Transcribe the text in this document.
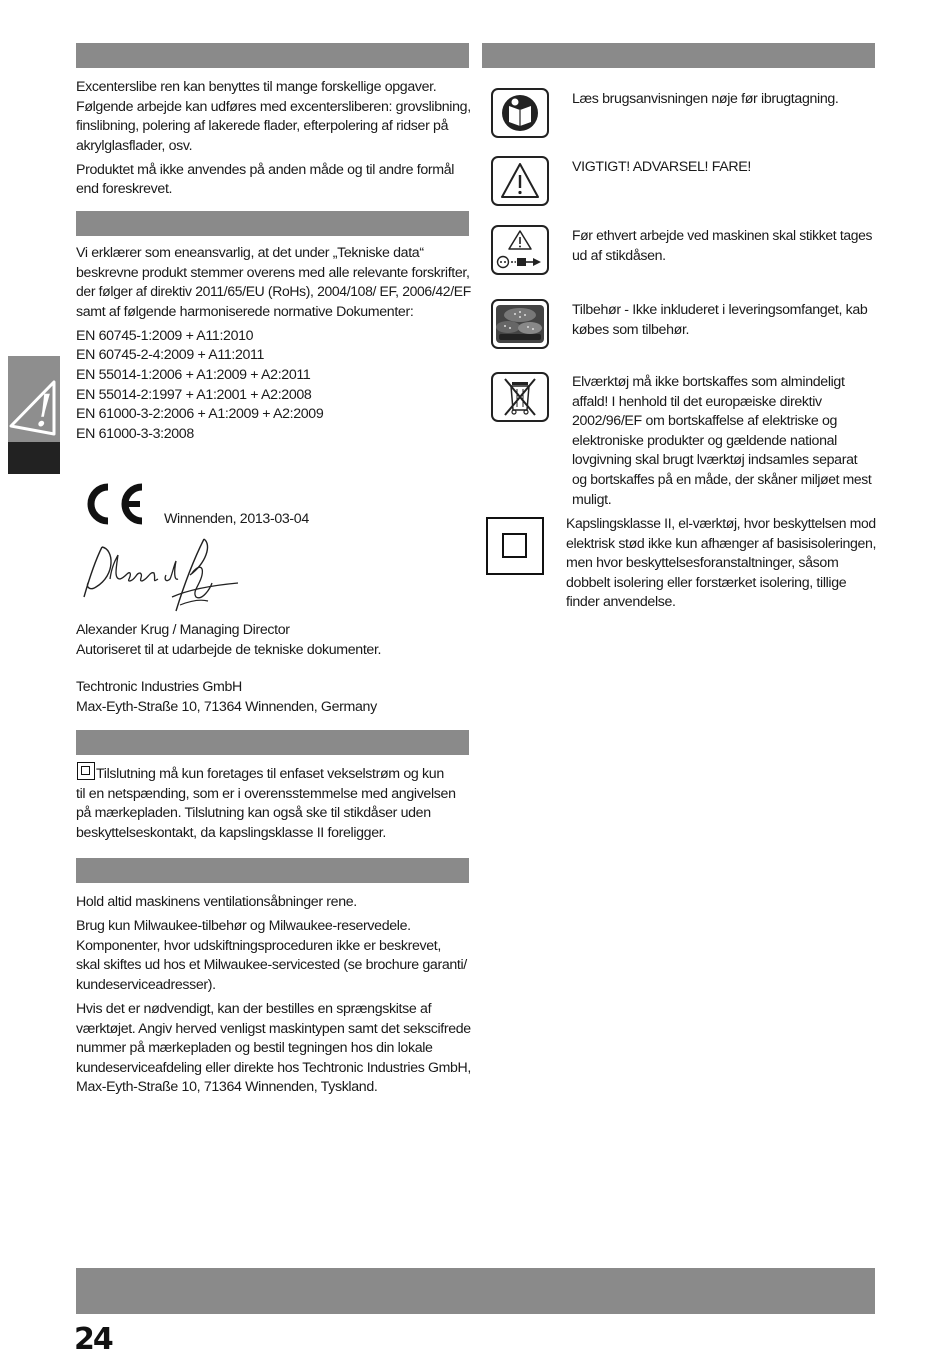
!

Excenterslibe ren kan benyttes til mange forskellige opgaver.
Følgende arbejde kan udføres med excentersliberen: grovslibning,
finslibning, polering af lakerede flader, efterpolering af ridser på
akrylglasflader, osv.

Produktet må ikke anvendes på anden måde og til andre formål
end foreskrevet.

Vi erklærer som eneansvarlig, at det under „Tekniske data“
beskrevne produkt stemmer overens med alle relevante forskrifter,
der følger af direktiv 2011/65/EU (RoHs), 2004/108/ EF, 2006/42/EF
samt af følgende harmoniserede normative Dokumenter:

EN 60745-1:2009 + A11:2010
EN 60745-2-4:2009 + A11:2011
EN 55014-1:2006 + A1:2009 + A2:2011
EN 55014-2:1997 + A1:2001 + A2:2008
EN 61000-3-2:2006 + A1:2009 + A2:2009
EN 61000-3-3:2008

Winnenden, 2013-03-04
Alexander Krug / Managing Director
Autoriseret til at udarbejde de tekniske dokumenter.
Techtronic Industries GmbH
Max-Eyth-Straße 10, 71364 Winnenden, Germany
Tilslutning må kun foretages til enfaset vekselstrøm og kun
til en netspænding, som er i overensstemmelse med angivelsen
på mærkepladen. Tilslutning kan også ske til stikdåser uden
beskyttelseskontakt, da kapslingsklasse II foreligger.

Hold altid maskinens ventilationsåbninger rene.

Brug kun Milwaukee-tilbehør og Milwaukee-reservedele.
Komponenter, hvor udskiftningsproceduren ikke er beskrevet,
skal skiftes ud hos et Milwaukee-servicested (se brochure garanti/
kundeserviceadresser).

Hvis det er nødvendigt, kan der bestilles en sprængskitse af
værktøjet. Angiv herved venligst maskintypen samt det sekscifrede
nummer på mærkepladen og bestil tegningen hos din lokale
kundeserviceafdeling eller direkte hos Techtronic Industries GmbH,
Max-Eyth-Straße 10, 71364 Winnenden, Tyskland.

Læs brugsanvisningen nøje før ibrugtagning.
VIGTIGT! ADVARSEL! FARE!
Før ethvert arbejde ved maskinen skal stikket tages
ud af stikdåsen.
Tilbehør - Ikke inkluderet i leveringsomfanget, kab
købes som tilbehør.
Elværktøj må ikke bortskaffes som almindeligt
affald! I henhold til det europæiske direktiv
2002/96/EF om bortskaffelse af elektriske og
elektroniske produkter og gældende national
lovgivning skal brugt lværktøj indsamles separat
og bortskaffes på en måde, der skåner miljøet mest
muligt.
Kapslingsklasse II, el-værktøj, hvor beskyttelsen mod
elektrisk stød ikke kun afhænger af basisisoleringen,
men hvor beskyttelsesforanstaltninger, såsom
dobbelt isolering eller forstærket isolering, tillige
finder anvendelse.
24
